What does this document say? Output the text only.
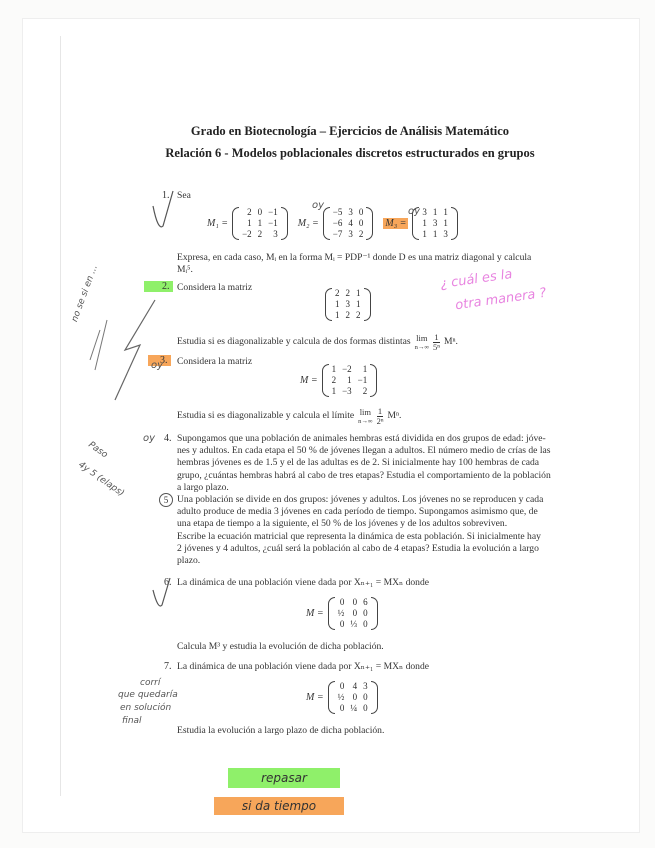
Grado en Biotecnología – Ejercicios de Análisis Matemático
Relación 6 - Modelos poblacionales discretos estructurados en grupos
1. Sea
M₁ =
2	0	−1
1	1	−1
−2	2	3
M₂ =
−5	3	0
−6	4	0
−7	3	2
M₃ =
3	1	1
1	3	1
1	1	3
oy
oy
Expresa, en cada caso, Mᵢ en la forma Mᵢ = PDP⁻¹ donde D es una matriz diagonal y calcula
Mᵢ⁵.
2. Considera la matriz	2	2	1
1	3	1
1	2	2
Estudia si es diagonalizable y calcula de dos formas distintas lim
n→∞
1
5ⁿ Mⁿ.
¿ cuál es la
otra manera ?
no se si en ...
3.
oy Considera la matriz
M =
1	−2	1
2	1	−1
1	−3	2
Estudia si es diagonalizable y calcula el límite lim
n→∞
1
2ⁿ Mⁿ.
4.
oy Supongamos que una población de animales hembras está dividida en dos grupos de edad: jóve-
nes y adultos. En cada etapa el 50 % de jóvenes llegan a adultos. El número medio de crías de las
hembras jóvenes es de 1.5 y el de las adultas es de 2. Si inicialmente hay 100 hembras de cada
grupo, ¿cuántas hembras habrá al cabo de tres etapas? Estudia el comportamiento de la población
a largo plazo.
Paso
4y 5 (elaps)
5 Una población se divide en dos grupos: jóvenes y adultos. Los jóvenes no se reproducen y cada
adulto produce de media 3 jóvenes en cada período de tiempo. Supongamos asimismo que, de
una etapa de tiempo a la siguiente, el 50 % de los jóvenes y de los adultos sobreviven.
Escribe la ecuación matricial que representa la dinámica de esta población. Si inicialmente hay
2 jóvenes y 4 adultos, ¿cuál será la población al cabo de 4 etapas? Estudia la evolución a largo
plazo.
6. La dinámica de una población viene dada por Xₙ₊₁ = MXₙ donde
M =
0	0	6
½	0	0
0	⅓	0
Calcula M³ y estudia la evolución de dicha población.
7. La dinámica de una población viene dada por Xₙ₊₁ = MXₙ donde
M =
0	4	3
½	0	0
0	¼	0
Estudia la evolución a largo plazo de dicha población.
corrí
que quedaría
en solución
final
repasar
si da tiempo
